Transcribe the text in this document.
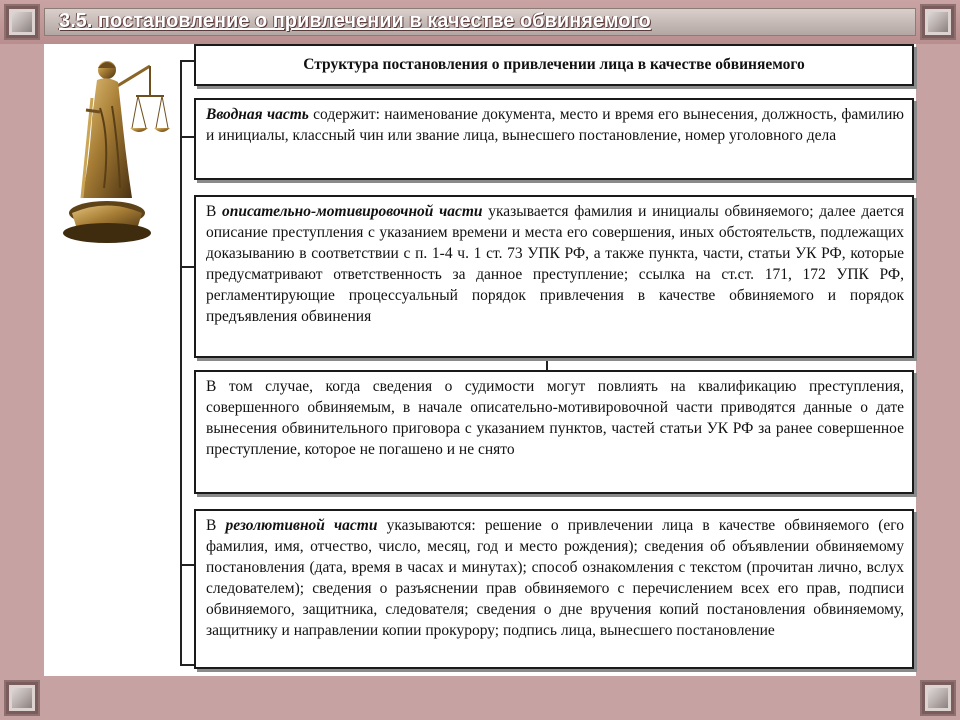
3.5. постановление о привлечении в качестве обвиняемого
Структура постановления о привлечении лица в качестве обвиняемого
Вводная часть содержит: наименование документа, место и время его вынесения, должность, фамилию и инициалы, классный чин или звание лица, вынесшего постановление, номер уголовного дела
В описательно-мотивировочной части указывается фамилия и инициалы обвиняемого; далее дается описание преступления с указанием времени и места его совершения, иных обстоятельств, подлежащих доказыванию в соответствии с п. 1-4 ч. 1 ст. 73 УПК РФ, а также пункта, части, статьи УК РФ, которые предусматривают ответственность за данное преступление; ссылка на ст.ст. 171, 172 УПК РФ, регламентирующие процессуальный порядок привлечения в качестве обвиняемого и порядок предъявления обвинения
В том случае, когда сведения о судимости могут повлиять на квалификацию преступления, совершенного обвиняемым, в начале описательно-мотивировочной части приводятся данные о дате вынесения обвинительного приговора с указанием пунктов, частей статьи УК РФ за ранее совершенное преступление, которое не погашено и не снято
В резолютивной части указываются: решение о привлечении лица в качестве обвиняемого (его фамилия, имя, отчество, число, месяц, год и место рождения); сведения об объявлении обвиняемому постановления (дата, время в часах и минутах); способ ознакомления с текстом (прочитан лично, вслух следователем); сведения о разъяснении прав обвиняемого с перечислением всех его прав, подписи обвиняемого, защитника, следователя; сведения о дне вручения копий постановления обвиняемому, защитнику и направлении копии прокурору; подпись лица, вынесшего постановление
